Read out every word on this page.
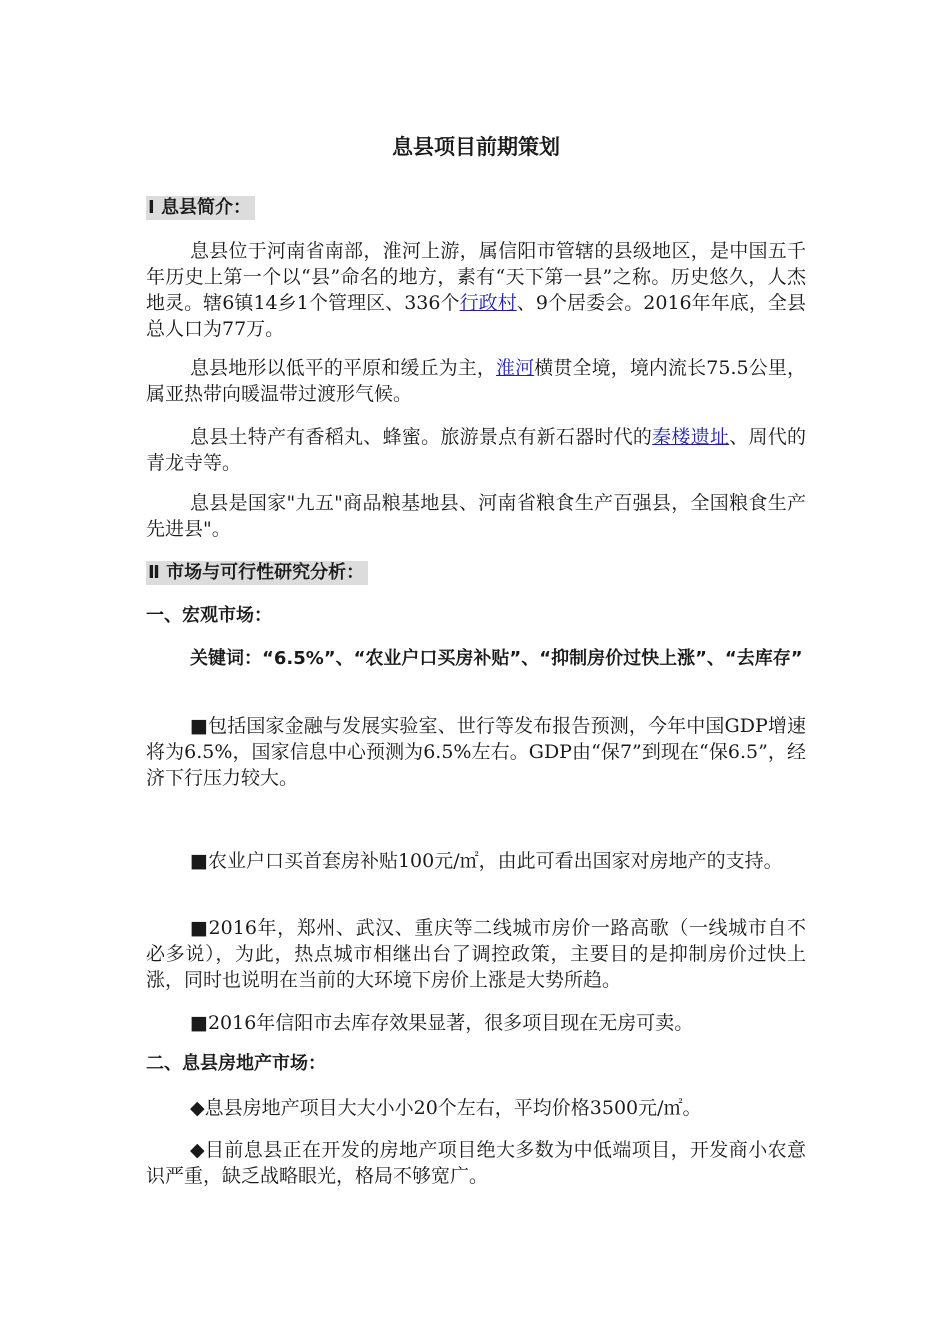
息县项目前期策划
Ⅰ 息县简介：

息县位于河南省南部，淮河上游，属信阳市管辖的县级地区，是中国五千年历史上第一个以“县”命名的地方，素有“天下第一县”之称。历史悠久，人杰地灵。辖6镇14乡1个管理区、336个行政村、9个居委会。2016年年底，全县总人口为77万。

息县地形以低平的平原和缓丘为主，淮河横贯全境，境内流长75.5公里，属亚热带向暖温带过渡形气候。

息县土特产有香稻丸、蜂蜜。旅游景点有新石器时代的秦楼遗址、周代的青龙寺等。

息县是国家"九五"商品粮基地县、河南省粮食生产百强县，全国粮食生产先进县"。

Ⅱ 市场与可行性研究分析：
一、宏观市场：

关键词：“6.5%”、“农业户口买房补贴”、“抑制房价过快上涨”、“去库存”

■包括国家金融与发展实验室、世行等发布报告预测，今年中国GDP增速将为6.5%，国家信息中心预测为6.5%左右。GDP由“保7”到现在“保6.5”，经济下行压力较大。

■农业户口买首套房补贴100元/㎡，由此可看出国家对房地产的支持。

■2016年，郑州、武汉、重庆等二线城市房价一路高歌（一线城市自不必多说），为此，热点城市相继出台了调控政策，主要目的是抑制房价过快上涨，同时也说明在当前的大环境下房价上涨是大势所趋。

■2016年信阳市去库存效果显著，很多项目现在无房可卖。

二、息县房地产市场：

◆息县房地产项目大大小小20个左右，平均价格3500元/㎡。

◆目前息县正在开发的房地产项目绝大多数为中低端项目，开发商小农意识严重，缺乏战略眼光，格局不够宽广。
